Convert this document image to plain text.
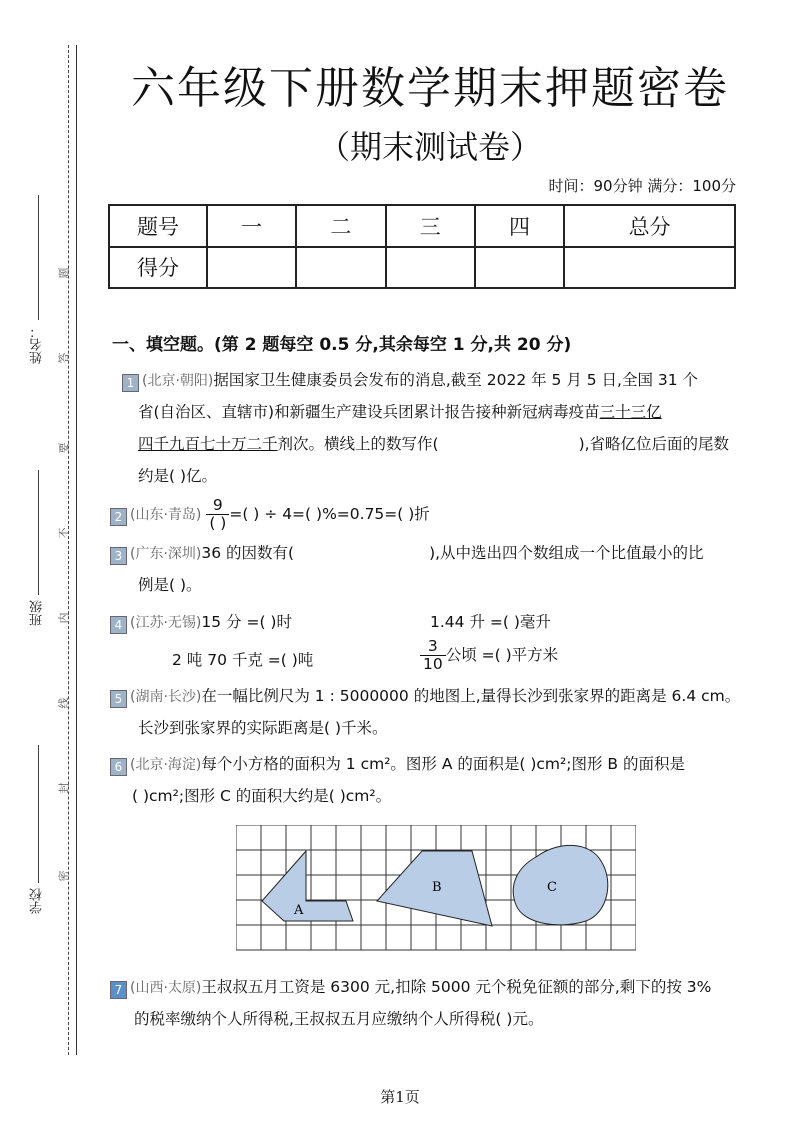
姓名：
班级
学校
题
答
要
不
内
线
封
密
六年级下册数学期末押题密卷
（期末测试卷）
时间：90分钟 满分：100分
题号	一	二	三	四	总分
得分					
一、填空题。(第 2 题每空 0.5 分,其余每空 1 分,共 20 分)
1 (北京·朝阳)据国家卫生健康委员会发布的消息,截至 2022 年 5 月 5 日,全国 31 个
省(自治区、直辖市)和新疆生产建设兵团累计报告接种新冠病毒疫苗三十三亿
四千九百七十万二千剂次。横线上的数写作(	),省略亿位后面的尾数
约是( )亿。
2 (山东·青岛) $\frac{9}{( )}$ =( ) ÷ 4=( )%=0.75=( )折
3 (广东·深圳)36 的因数有(	),从中选出四个数组成一个比值最小的比
例是( )。
4 (江苏·无锡)15 分 =( )时	1.44 升 =( )毫升
2 吨 70 千克 =( )吨	$\frac{3}{10}$ 公顷 =( )平方米
5 (湖南·长沙)在一幅比例尺为 1 : 5000000 的地图上,量得长沙到张家界的距离是 6.4 cm。
长沙到张家界的实际距离是( )千米。
6 (北京·海淀)每个小方格的面积为 1 cm²。图形 A 的面积是( )cm²;图形 B 的面积是
( )cm²;图形 C 的面积大约是( )cm²。
A
B	C
7 (山西·太原)王叔叔五月工资是 6300 元,扣除 5000 元个税免征额的部分,剩下的按 3%
的税率缴纳个人所得税,王叔叔五月应缴纳个人所得税( )元。
第1页
